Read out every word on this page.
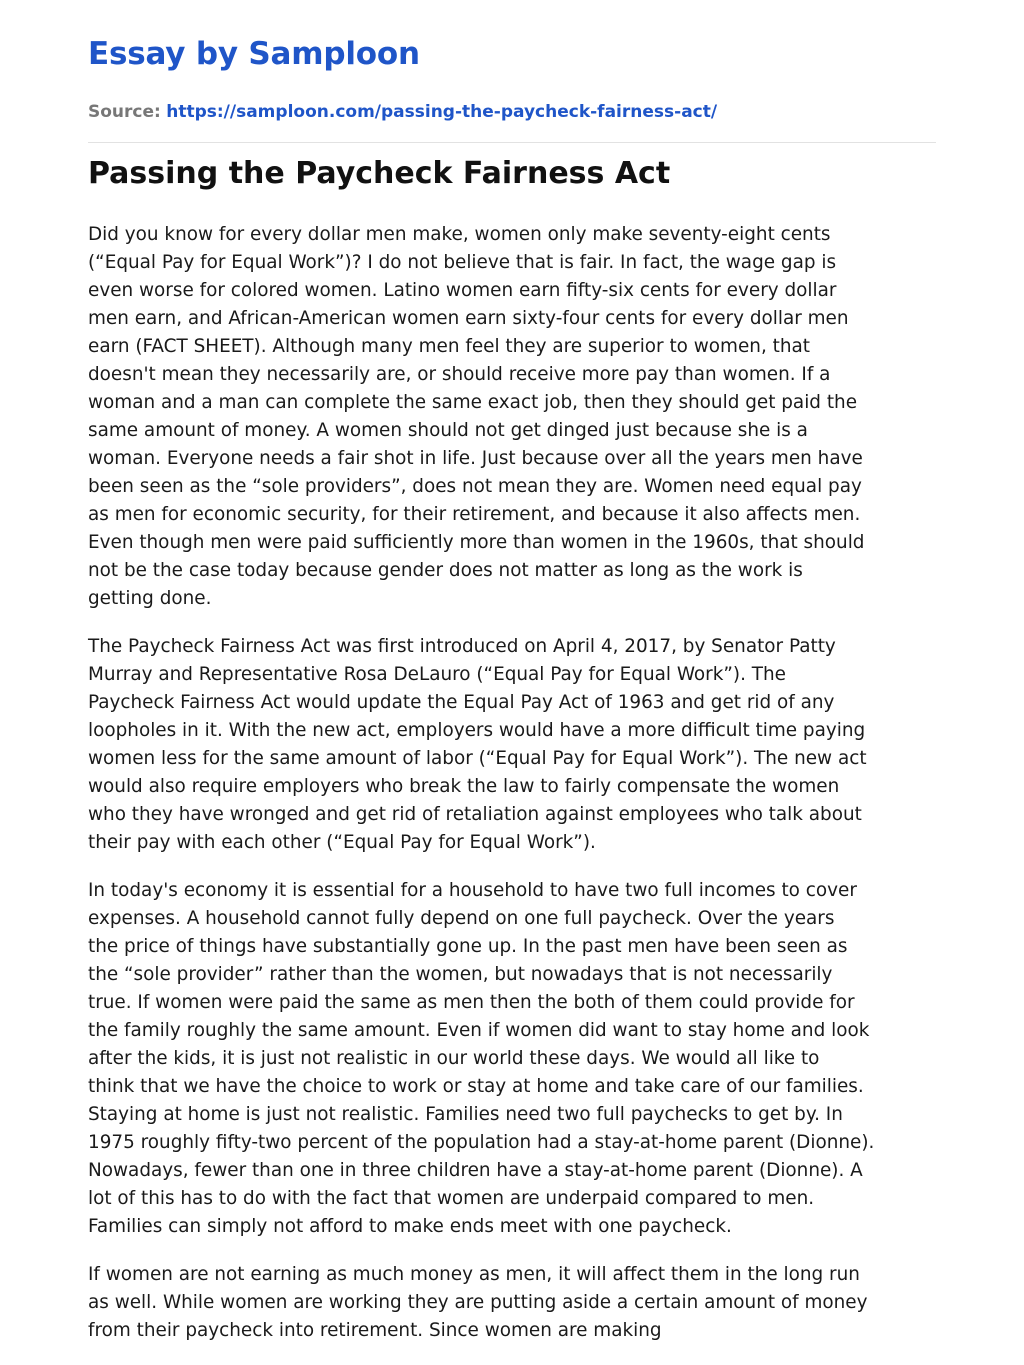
Essay by Samploon
Source: https://samploon.com/passing-the-paycheck-fairness-act/
Passing the Paycheck Fairness Act

Did you know for every dollar men make, women only make seventy-eight cents
(“Equal Pay for Equal Work”)? I do not believe that is fair. In fact, the wage gap is
even worse for colored women. Latino women earn fifty-six cents for every dollar
men earn, and African-American women earn sixty-four cents for every dollar men
earn (FACT SHEET). Although many men feel they are superior to women, that
doesn't mean they necessarily are, or should receive more pay than women. If a
woman and a man can complete the same exact job, then they should get paid the
same amount of money. A women should not get dinged just because she is a
woman. Everyone needs a fair shot in life. Just because over all the years men have
been seen as the “sole providers”, does not mean they are. Women need equal pay
as men for economic security, for their retirement, and because it also affects men.
Even though men were paid sufficiently more than women in the 1960s, that should
not be the case today because gender does not matter as long as the work is
getting done.

The Paycheck Fairness Act was first introduced on April 4, 2017, by Senator Patty
Murray and Representative Rosa DeLauro (“Equal Pay for Equal Work”). The
Paycheck Fairness Act would update the Equal Pay Act of 1963 and get rid of any
loopholes in it. With the new act, employers would have a more difficult time paying
women less for the same amount of labor (“Equal Pay for Equal Work”). The new act
would also require employers who break the law to fairly compensate the women
who they have wronged and get rid of retaliation against employees who talk about
their pay with each other (“Equal Pay for Equal Work”).

In today's economy it is essential for a household to have two full incomes to cover
expenses. A household cannot fully depend on one full paycheck. Over the years
the price of things have substantially gone up. In the past men have been seen as
the “sole provider” rather than the women, but nowadays that is not necessarily
true. If women were paid the same as men then the both of them could provide for
the family roughly the same amount. Even if women did want to stay home and look
after the kids, it is just not realistic in our world these days. We would all like to
think that we have the choice to work or stay at home and take care of our families.
Staying at home is just not realistic. Families need two full paychecks to get by. In
1975 roughly fifty-two percent of the population had a stay-at-home parent (Dionne).
Nowadays, fewer than one in three children have a stay-at-home parent (Dionne). A
lot of this has to do with the fact that women are underpaid compared to men.
Families can simply not afford to make ends meet with one paycheck.

If women are not earning as much money as men, it will affect them in the long run
as well. While women are working they are putting aside a certain amount of money
from their paycheck into retirement. Since women are making
